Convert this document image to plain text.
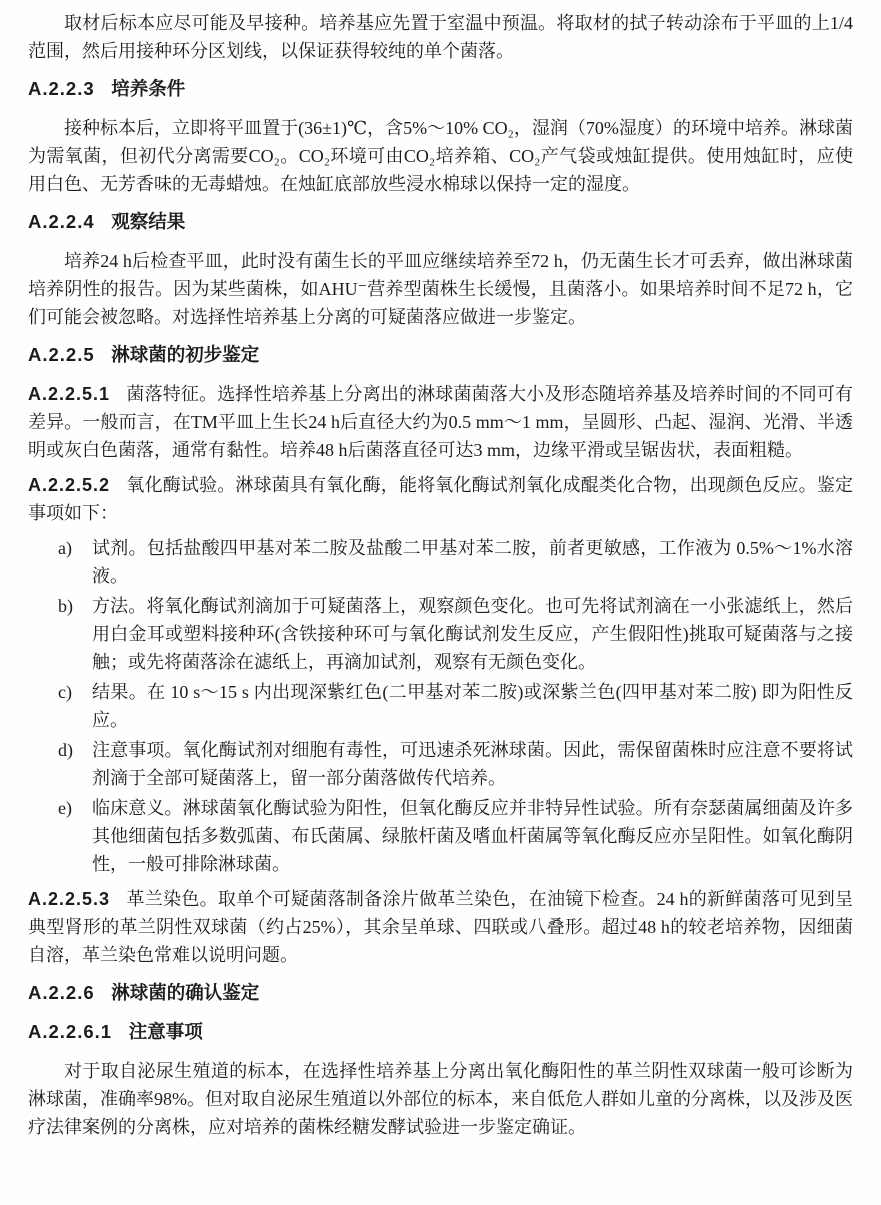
取材后标本应尽可能及早接种。培养基应先置于室温中预温。将取材的拭子转动涂布于平皿的上1/4范围，然后用接种环分区划线，以保证获得较纯的单个菌落。

A.2.2.3 培养条件

接种标本后，立即将平皿置于(36±1)℃，含5%～10% CO₂，湿润（70%湿度）的环境中培养。淋球菌为需氧菌，但初代分离需要CO₂。CO₂环境可由CO₂培养箱、CO₂产气袋或烛缸提供。使用烛缸时，应使用白色、无芳香味的无毒蜡烛。在烛缸底部放些浸水棉球以保持一定的湿度。

A.2.2.4 观察结果

培养24 h后检查平皿，此时没有菌生长的平皿应继续培养至72 h，仍无菌生长才可丢弃，做出淋球菌培养阴性的报告。因为某些菌株，如AHU⁻营养型菌株生长缓慢，且菌落小。如果培养时间不足72 h，它们可能会被忽略。对选择性培养基上分离的可疑菌落应做进一步鉴定。

A.2.2.5 淋球菌的初步鉴定

A.2.2.5.1 菌落特征。选择性培养基上分离出的淋球菌菌落大小及形态随培养基及培养时间的不同可有差异。一般而言，在TM平皿上生长24 h后直径大约为0.5 mm～1 mm，呈圆形、凸起、湿润、光滑、半透明或灰白色菌落，通常有黏性。培养48 h后菌落直径可达3 mm，边缘平滑或呈锯齿状，表面粗糙。

A.2.2.5.2 氧化酶试验。淋球菌具有氧化酶，能将氧化酶试剂氧化成醌类化合物，出现颜色反应。鉴定事项如下：

a)	试剂。包括盐酸四甲基对苯二胺及盐酸二甲基对苯二胺，前者更敏感，工作液为 0.5%～1%水溶液。
b)	方法。将氧化酶试剂滴加于可疑菌落上，观察颜色变化。也可先将试剂滴在一小张滤纸上，然后用白金耳或塑料接种环(含铁接种环可与氧化酶试剂发生反应，产生假阳性)挑取可疑菌落与之接触；或先将菌落涂在滤纸上，再滴加试剂，观察有无颜色变化。
c)	结果。在 10 s～15 s 内出现深紫红色(二甲基对苯二胺)或深紫兰色(四甲基对苯二胺) 即为阳性反应。
d)	注意事项。氧化酶试剂对细胞有毒性，可迅速杀死淋球菌。因此，需保留菌株时应注意不要将试剂滴于全部可疑菌落上，留一部分菌落做传代培养。
e)	临床意义。淋球菌氧化酶试验为阳性，但氧化酶反应并非特异性试验。所有奈瑟菌属细菌及许多其他细菌包括多数弧菌、布氏菌属、绿脓杆菌及嗜血杆菌属等氧化酶反应亦呈阳性。如氧化酶阴性，一般可排除淋球菌。

A.2.2.5.3 革兰染色。取单个可疑菌落制备涂片做革兰染色，在油镜下检查。24 h的新鲜菌落可见到呈典型肾形的革兰阴性双球菌（约占25%），其余呈单球、四联或八叠形。超过48 h的较老培养物，因细菌自溶，革兰染色常难以说明问题。

A.2.2.6 淋球菌的确认鉴定
A.2.2.6.1 注意事项

对于取自泌尿生殖道的标本，在选择性培养基上分离出氧化酶阳性的革兰阴性双球菌一般可诊断为淋球菌，准确率98%。但对取自泌尿生殖道以外部位的标本，来自低危人群如儿童的分离株，以及涉及医疗法律案例的分离株，应对培养的菌株经糖发酵试验进一步鉴定确证。
